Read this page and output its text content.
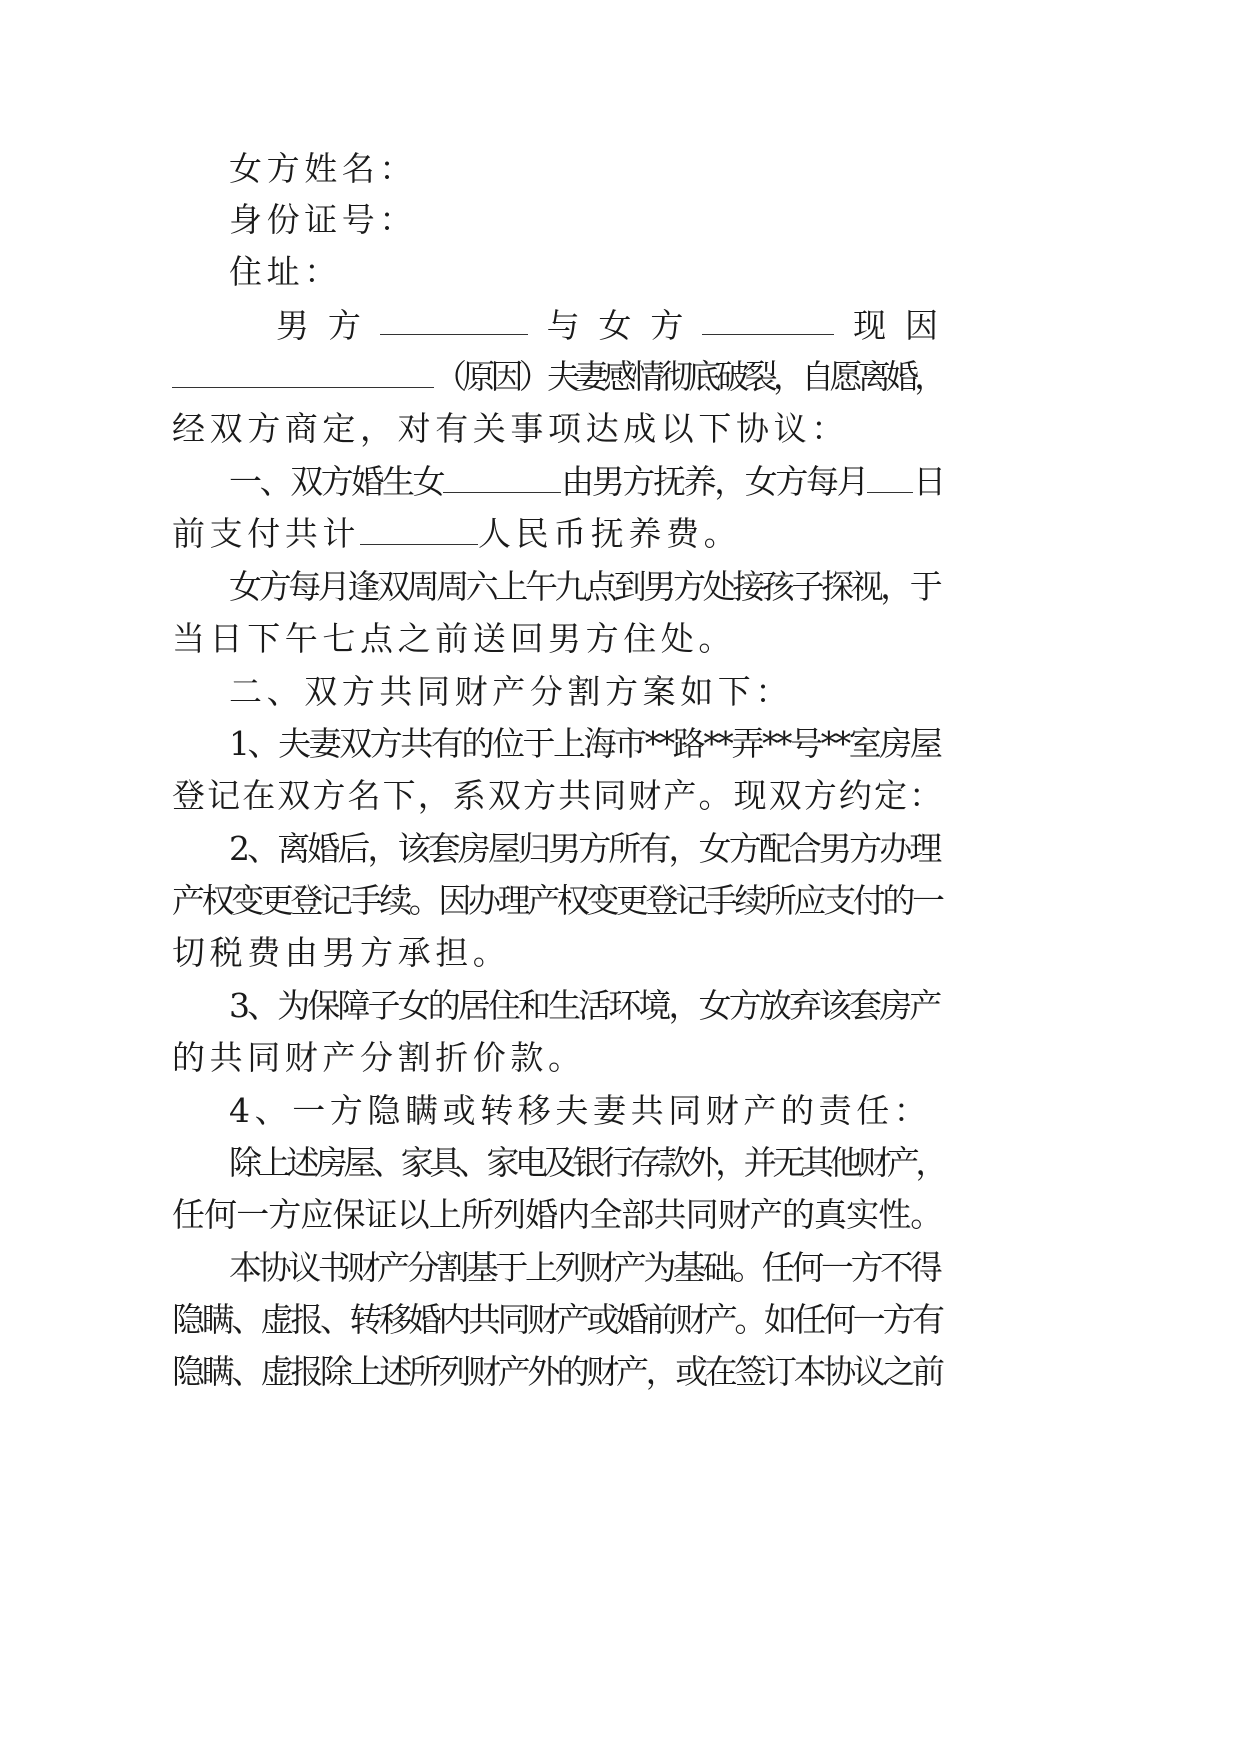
女方姓名：
身份证号：
住址：
男 方	与 女 方	现 因
（原因）夫妻感情彻底破裂，自愿离婚，
经双方商定，对有关事项达成以下协议：
一、双方婚生女	由男方抚养，女方每月 日
前支付共计	人民币抚养费。
女方每月逢双周周六上午九点到男方处接孩子探视，于
当日下午七点之前送回男方住处。
二、双方共同财产分割方案如下：
1、夫妻双方共有的位于上海市**路**弄**号**室房屋
登记在双方名下，系双方共同财产。现双方约定：
2、离婚后，该套房屋归男方所有，女方配合男方办理
产权变更登记手续。因办理产权变更登记手续所应支付的一
切税费由男方承担。
3、为保障子女的居住和生活环境，女方放弃该套房产
的共同财产分割折价款。
4、一方隐瞒或转移夫妻共同财产的责任：
除上述房屋、家具、家电及银行存款外，并无其他财产，
任何一方应保证以上所列婚内全部共同财产的真实性。
本协议书财产分割基于上列财产为基础。任何一方不得
隐瞒、虚报、转移婚内共同财产或婚前财产。如任何一方有
隐瞒、虚报除上述所列财产外的财产，或在签订本协议之前
